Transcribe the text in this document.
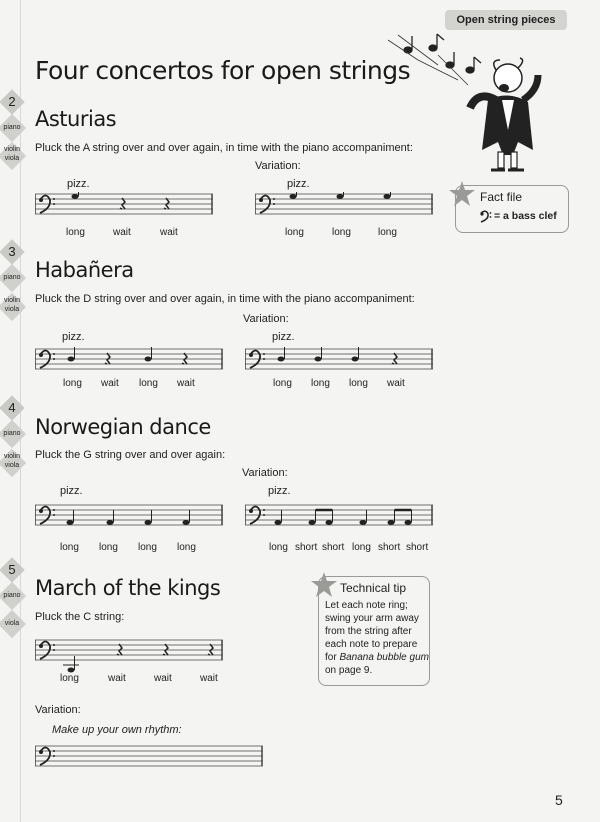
Open string pieces
Four concertos for open strings
Fact file
= a bass clef
2
piano
violin
viola
Asturias
Pluck the A string over and over again, in time with the piano accompaniment:
Variation:
pizz.	pizz.
long	wait	wait	long	long	long
3
piano
violin
viola
Habañera
Pluck the D string over and over again, in time with the piano accompaniment:
Variation:
pizz.	pizz.
long wait long wait	long long long wait
4
piano
violin
viola
Norwegian dance
Pluck the G string over and over again:
Variation:
pizz.	pizz.
long long long long	long short short long short short
5
piano
viola
March of the kings
Pluck the C string:
long	wait	wait	wait
Variation:
Make up your own rhythm:
Technical tip
Let each note ring;
swing your arm away
from the string after
each note to prepare
for Banana bubble gum
on page 9.
5
